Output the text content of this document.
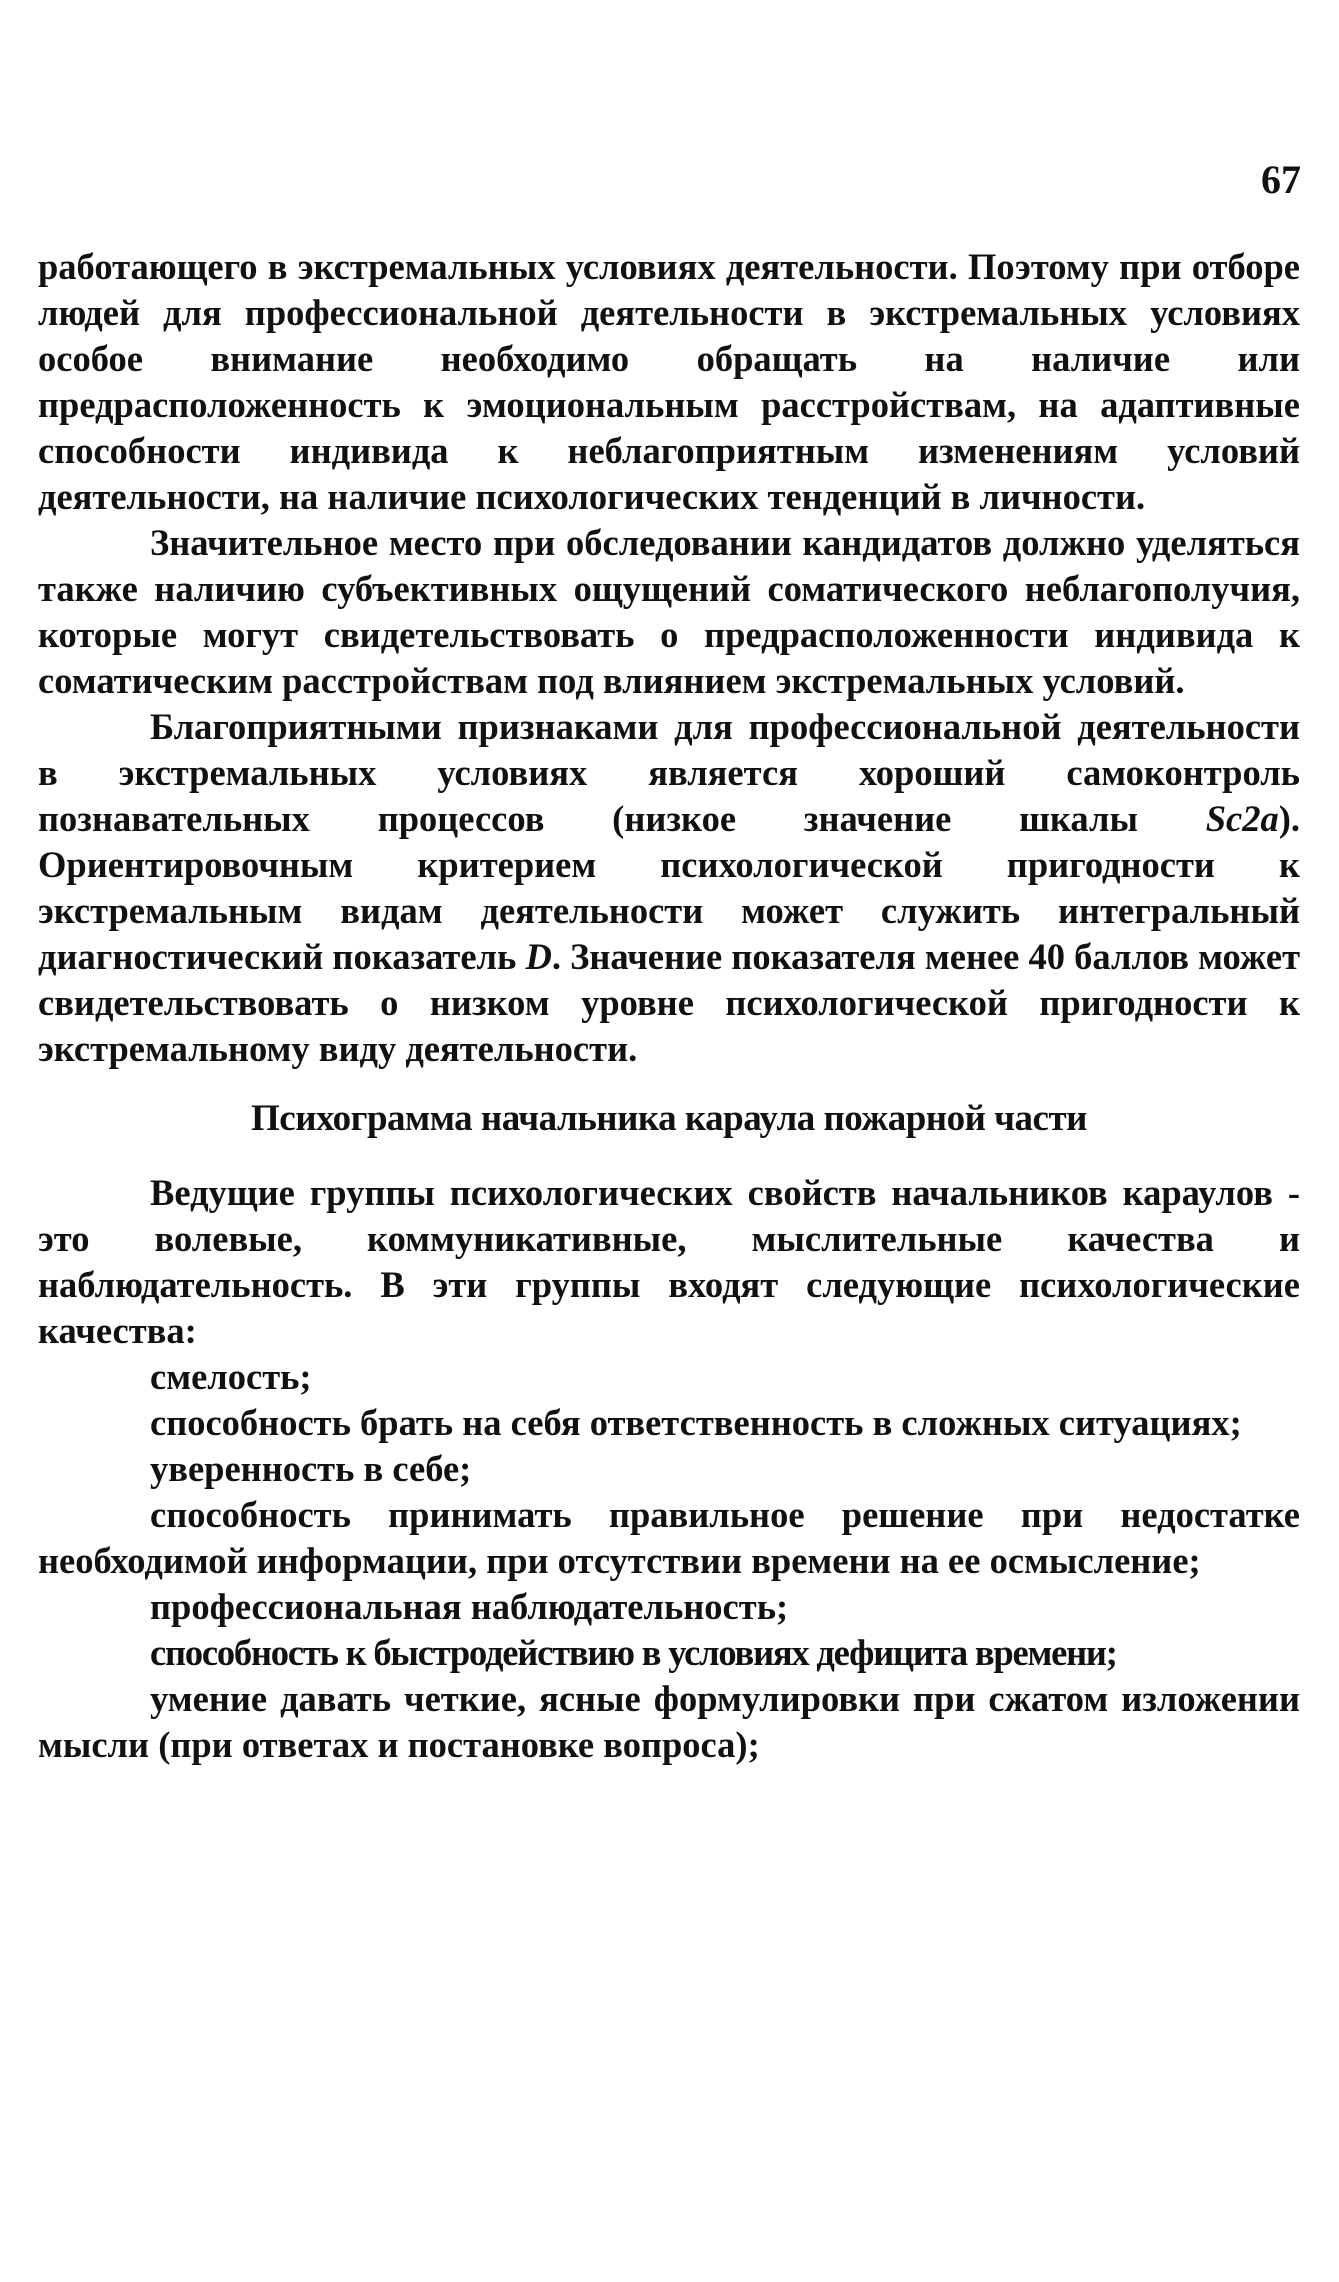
67

работающего в экстремальных условиях деятельности. Поэтому при отборе людей для профессиональной деятельности в экстремальных условиях особое внимание необходимо обращать на наличие или предрасположенность к эмоциональным расстройствам, на адаптивные способности индивида к неблагоприятным изменениям условий деятельности, на наличие психологических тенденций в личности.

Значительное место при обследовании кандидатов должно уделяться также наличию субъективных ощущений соматического неблагополучия, которые могут свидетельствовать о предрасположенности индивида к соматическим расстройствам под влиянием экстремальных условий.

Благоприятными признаками для профессиональной деятельности в экстремальных условиях является хороший самоконтроль познавательных процессов (низкое значение шкалы Sc2a). Ориентировочным критерием психологической пригодности к экстремальным видам деятельности может служить интегральный диагностический показатель D. Значение показателя менее 40 баллов может свидетельствовать о низком уровне психологической пригодности к экстремальному виду деятельности.

Психограмма начальника караула пожарной части

Ведущие группы психологических свойств начальников караулов - это волевые, коммуникативные, мыслительные качества и наблюдательность. В эти группы входят следующие психологические качества:

смелость;
способность брать на себя ответственность в сложных ситуациях;
уверенность в себе;
способность принимать правильное решение при недостатке необходимой информации, при отсутствии времени на ее осмысление;
профессиональная наблюдательность;
способность к быстродействию в условиях дефицита времени;
умение давать четкие, ясные формулировки при сжатом изложении мысли (при ответах и постановке вопроса);
